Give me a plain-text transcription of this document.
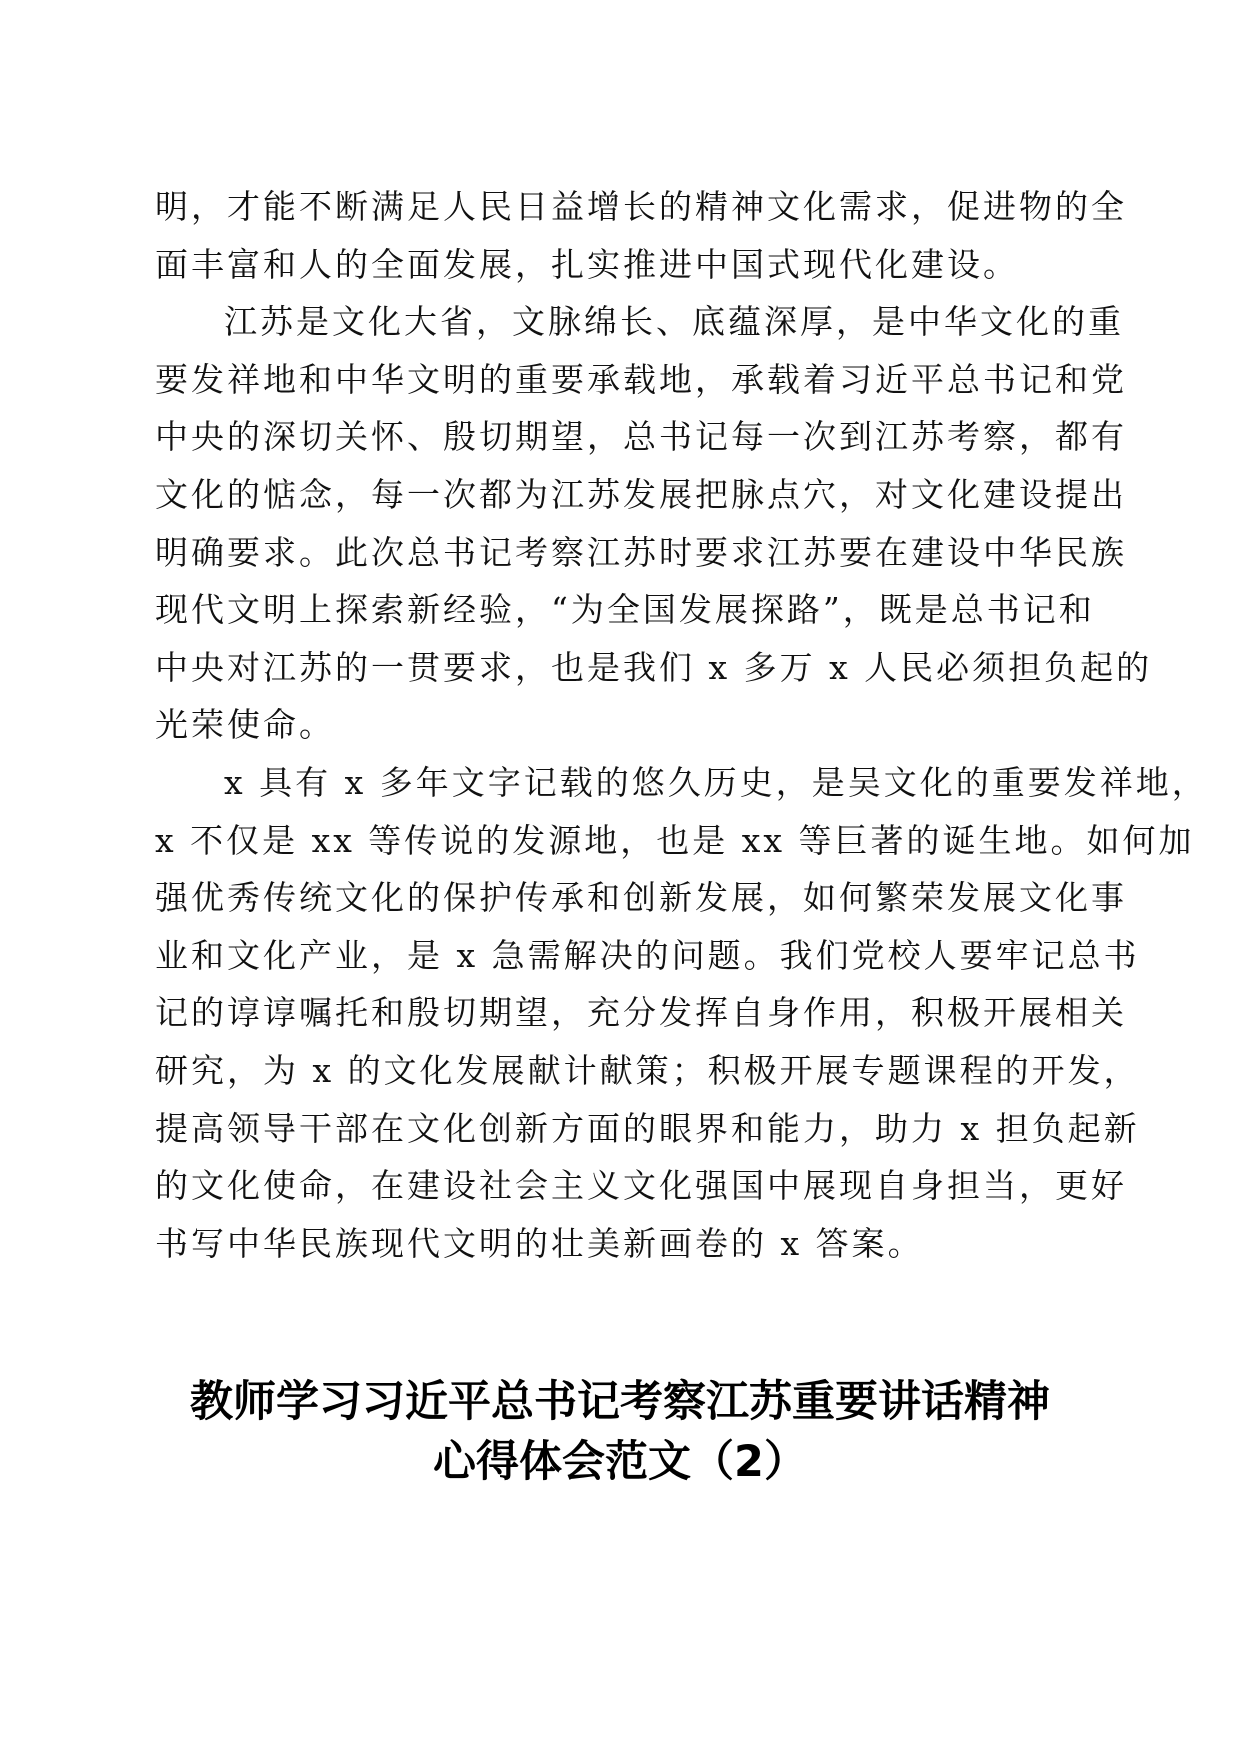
明，才能不断满足人民日益增长的精神文化需求，促进物的全
面丰富和人的全面发展，扎实推进中国式现代化建设。
江苏是文化大省，文脉绵长、底蕴深厚，是中华文化的重
要发祥地和中华文明的重要承载地，承载着习近平总书记和党
中央的深切关怀、殷切期望，总书记每一次到江苏考察，都有
文化的惦念，每一次都为江苏发展把脉点穴，对文化建设提出
明确要求。此次总书记考察江苏时要求江苏要在建设中华民族
现代文明上探索新经验，“为全国发展探路”，既是总书记和
中央对江苏的一贯要求，也是我们 x 多万 x 人民必须担负起的
光荣使命。
x 具有 x 多年文字记载的悠久历史，是吴文化的重要发祥地，
x 不仅是 xx 等传说的发源地，也是 xx 等巨著的诞生地。如何加
强优秀传统文化的保护传承和创新发展，如何繁荣发展文化事
业和文化产业，是 x 急需解决的问题。我们党校人要牢记总书
记的谆谆嘱托和殷切期望，充分发挥自身作用，积极开展相关
研究，为 x 的文化发展献计献策；积极开展专题课程的开发，
提高领导干部在文化创新方面的眼界和能力，助力 x 担负起新
的文化使命，在建设社会主义文化强国中展现自身担当，更好
书写中华民族现代文明的壮美新画卷的 x 答案。
教师学习习近平总书记考察江苏重要讲话精神
心得体会范文（2）
